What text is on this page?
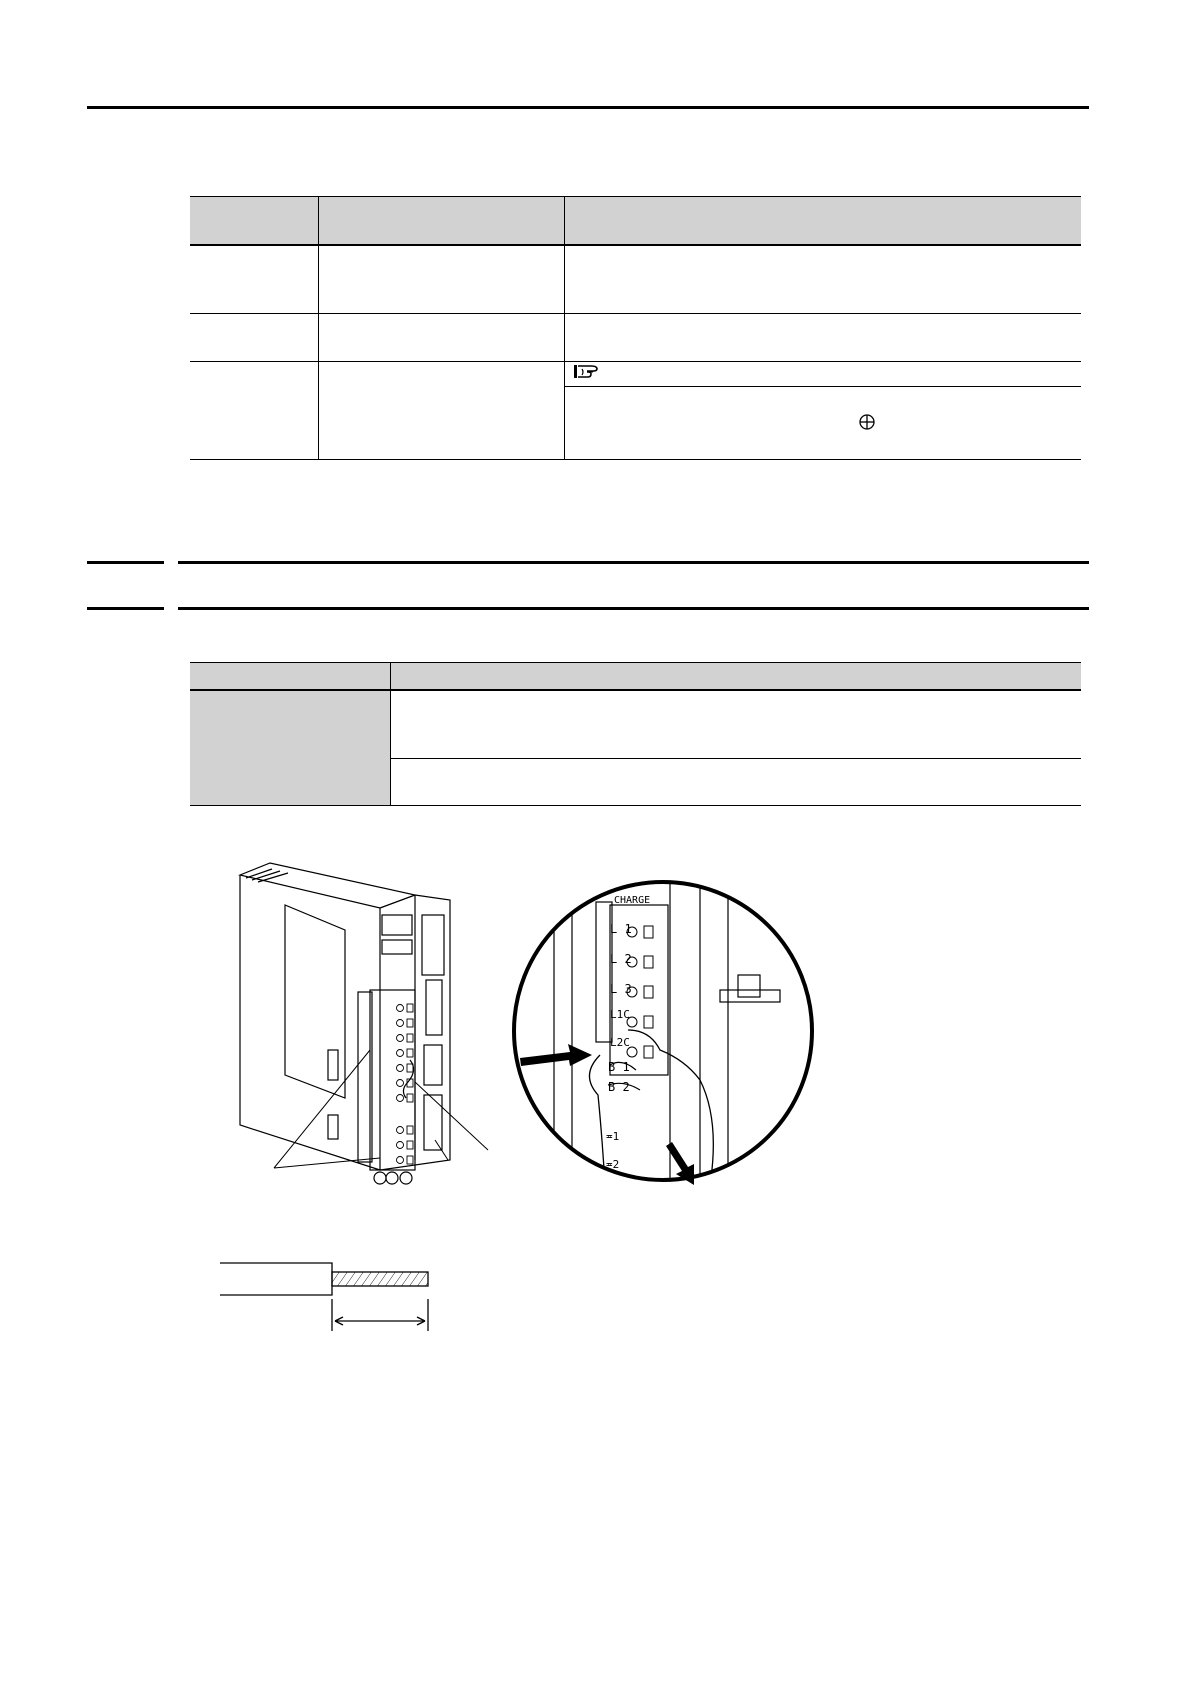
CHARGE
L 1
L 2
L 3
L1C
L2C
B 1
B 2
≖1
≖2
